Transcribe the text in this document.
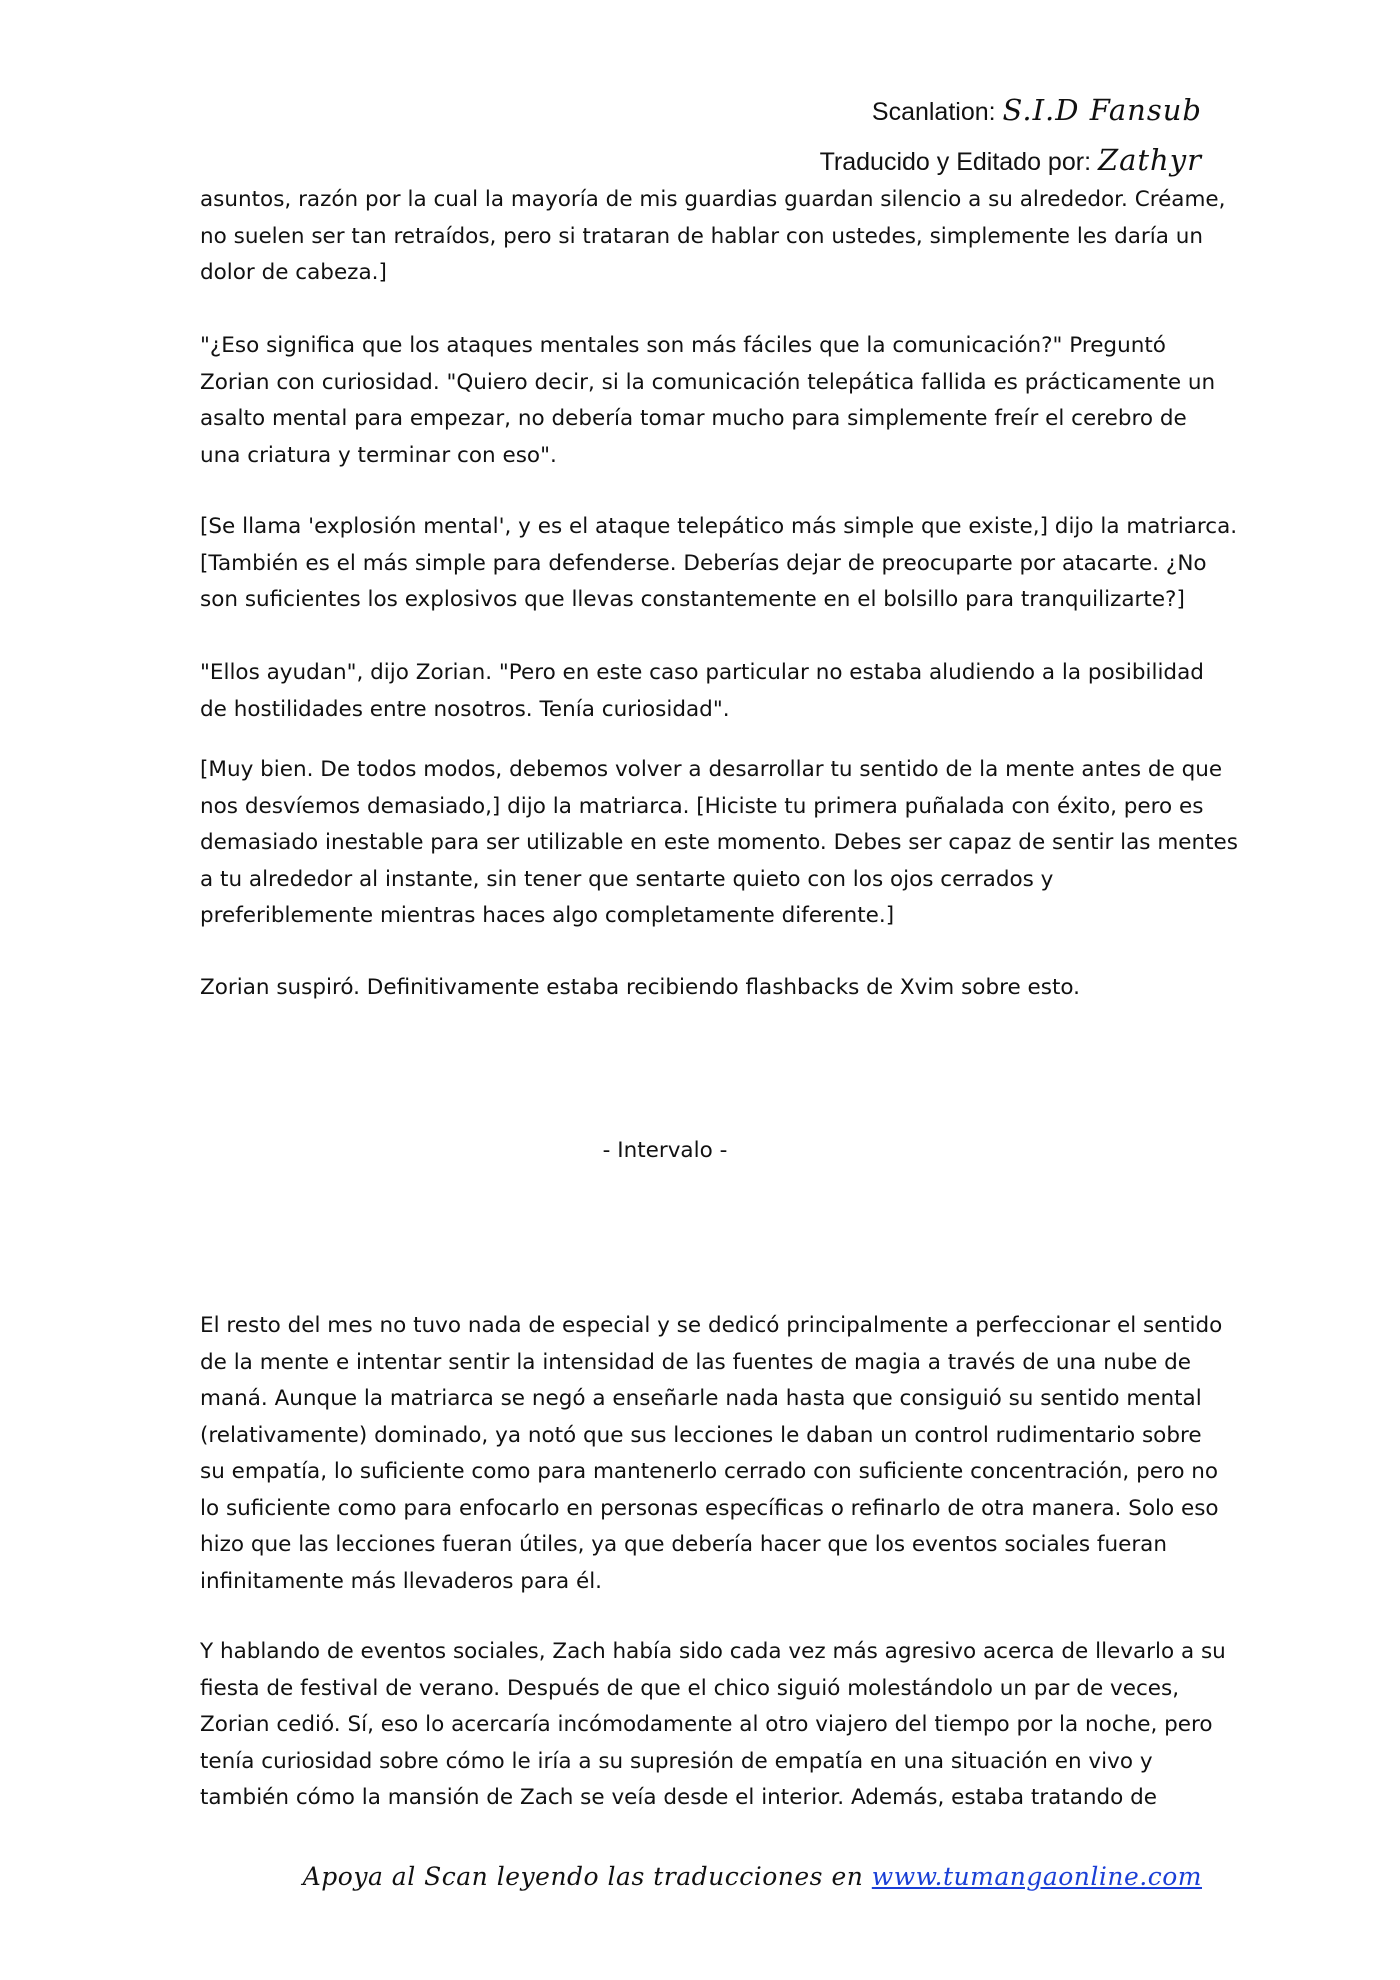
Scanlation: S.I.D Fansub
Traducido y Editado por: Zathyr
asuntos, razón por la cual la mayoría de mis guardias guardan silencio a su alrededor. Créame,
no suelen ser tan retraídos, pero si trataran de hablar con ustedes, simplemente les daría un
dolor de cabeza.]
"¿Eso significa que los ataques mentales son más fáciles que la comunicación?" Preguntó
Zorian con curiosidad. "Quiero decir, si la comunicación telepática fallida es prácticamente un
asalto mental para empezar, no debería tomar mucho para simplemente freír el cerebro de
una criatura y terminar con eso".
[Se llama 'explosión mental', y es el ataque telepático más simple que existe,] dijo la matriarca.
[También es el más simple para defenderse. Deberías dejar de preocuparte por atacarte. ¿No
son suficientes los explosivos que llevas constantemente en el bolsillo para tranquilizarte?]
"Ellos ayudan", dijo Zorian. "Pero en este caso particular no estaba aludiendo a la posibilidad
de hostilidades entre nosotros. Tenía curiosidad".
[Muy bien. De todos modos, debemos volver a desarrollar tu sentido de la mente antes de que
nos desvíemos demasiado,] dijo la matriarca. [Hiciste tu primera puñalada con éxito, pero es
demasiado inestable para ser utilizable en este momento. Debes ser capaz de sentir las mentes
a tu alrededor al instante, sin tener que sentarte quieto con los ojos cerrados y
preferiblemente mientras haces algo completamente diferente.]
Zorian suspiró. Definitivamente estaba recibiendo flashbacks de Xvim sobre esto.
- Intervalo -
El resto del mes no tuvo nada de especial y se dedicó principalmente a perfeccionar el sentido
de la mente e intentar sentir la intensidad de las fuentes de magia a través de una nube de
maná. Aunque la matriarca se negó a enseñarle nada hasta que consiguió su sentido mental
(relativamente) dominado, ya notó que sus lecciones le daban un control rudimentario sobre
su empatía, lo suficiente como para mantenerlo cerrado con suficiente concentración, pero no
lo suficiente como para enfocarlo en personas específicas o refinarlo de otra manera. Solo eso
hizo que las lecciones fueran útiles, ya que debería hacer que los eventos sociales fueran
infinitamente más llevaderos para él.
Y hablando de eventos sociales, Zach había sido cada vez más agresivo acerca de llevarlo a su
fiesta de festival de verano. Después de que el chico siguió molestándolo un par de veces,
Zorian cedió. Sí, eso lo acercaría incómodamente al otro viajero del tiempo por la noche, pero
tenía curiosidad sobre cómo le iría a su supresión de empatía en una situación en vivo y
también cómo la mansión de Zach se veía desde el interior. Además, estaba tratando de
Apoya al Scan leyendo las traducciones en www.tumangaonline.com
